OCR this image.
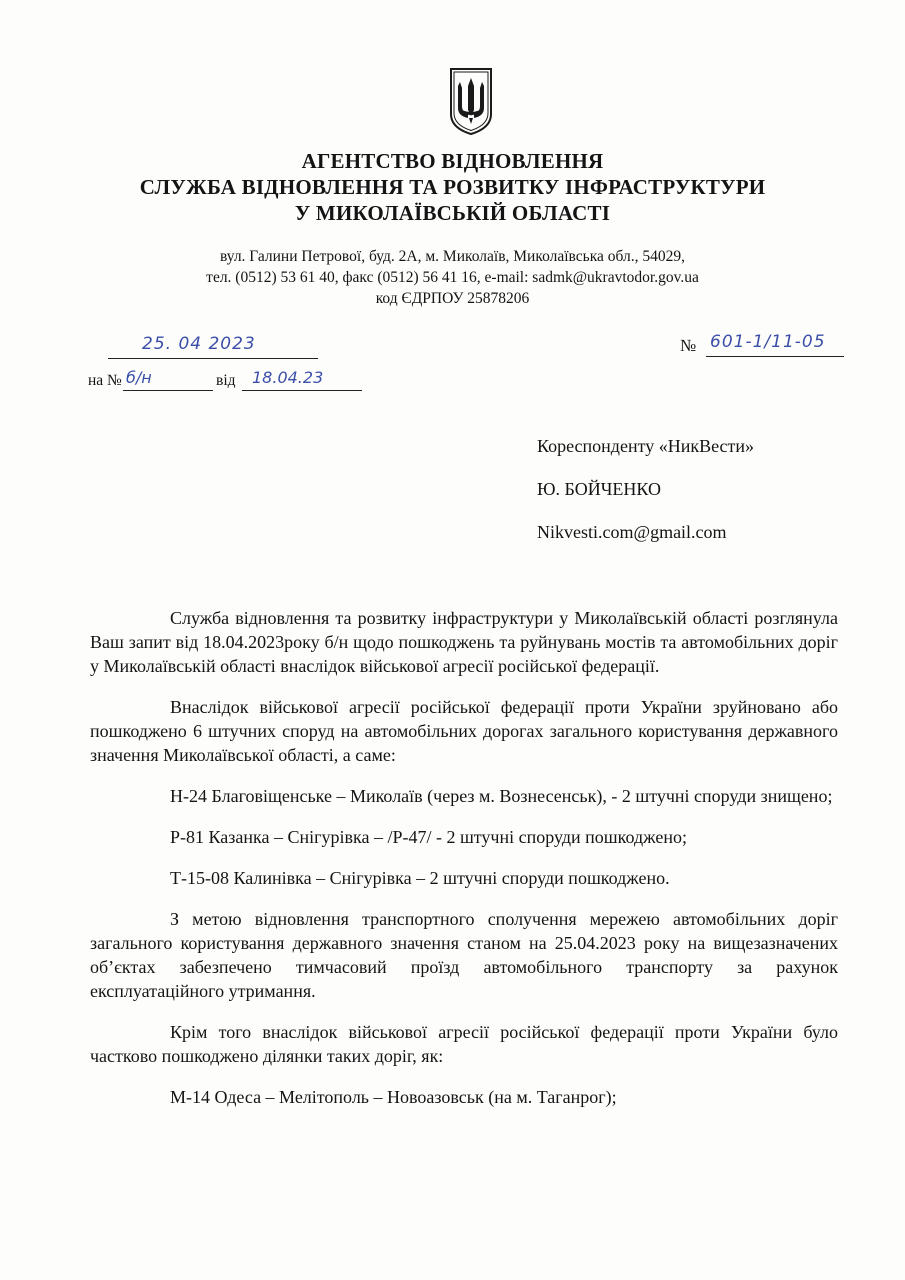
АГЕНТСТВО ВІДНОВЛЕННЯ
СЛУЖБА ВІДНОВЛЕННЯ ТА РОЗВИТКУ ІНФРАСТРУКТУРИ
У МИКОЛАЇВСЬКІЙ ОБЛАСТІ
вул. Галини Петрової, буд. 2А, м. Миколаїв, Миколаївська обл., 54029,
тел. (0512) 53 61 40, факс (0512) 56 41 16, e-mail: sadmk@ukravtodor.gov.ua
код ЄДРПОУ 25878206
25. 04 2023	№ 601-1/11-05
на № б/н	від 18.04.23
Кореспонденту «НикВести»
Ю. БОЙЧЕНКО
Nikvesti.com@gmail.com

Служба відновлення та розвитку інфраструктури у Миколаївській області розглянула Ваш запит від 18.04.2023року б/н щодо пошкоджень та руйнувань мостів та автомобільних доріг у Миколаївській області внаслідок військової агресії російської федерації.

Внаслідок військової агресії російської федерації проти України зруйновано або пошкоджено 6 штучних споруд на автомобільних дорогах загального користування державного значення Миколаївської області, а саме:

Н-24 Благовіщенське – Миколаїв (через м. Вознесенськ), - 2 штучні споруди знищено;

Р-81 Казанка – Снігурівка – /Р-47/ - 2 штучні споруди пошкоджено;

Т-15-08 Калинівка – Снігурівка – 2 штучні споруди пошкоджено.

З метою відновлення транспортного сполучення мережею автомобільних доріг загального користування державного значення станом на 25.04.2023 року на вищезазначених об’єктах забезпечено тимчасовий проїзд автомобільного транспорту за рахунок експлуатаційного утримання.

Крім того внаслідок військової агресії російської федерації проти України було частково пошкоджено ділянки таких доріг, як:

М-14 Одеса – Мелітополь – Новоазовськ (на м. Таганрог);
